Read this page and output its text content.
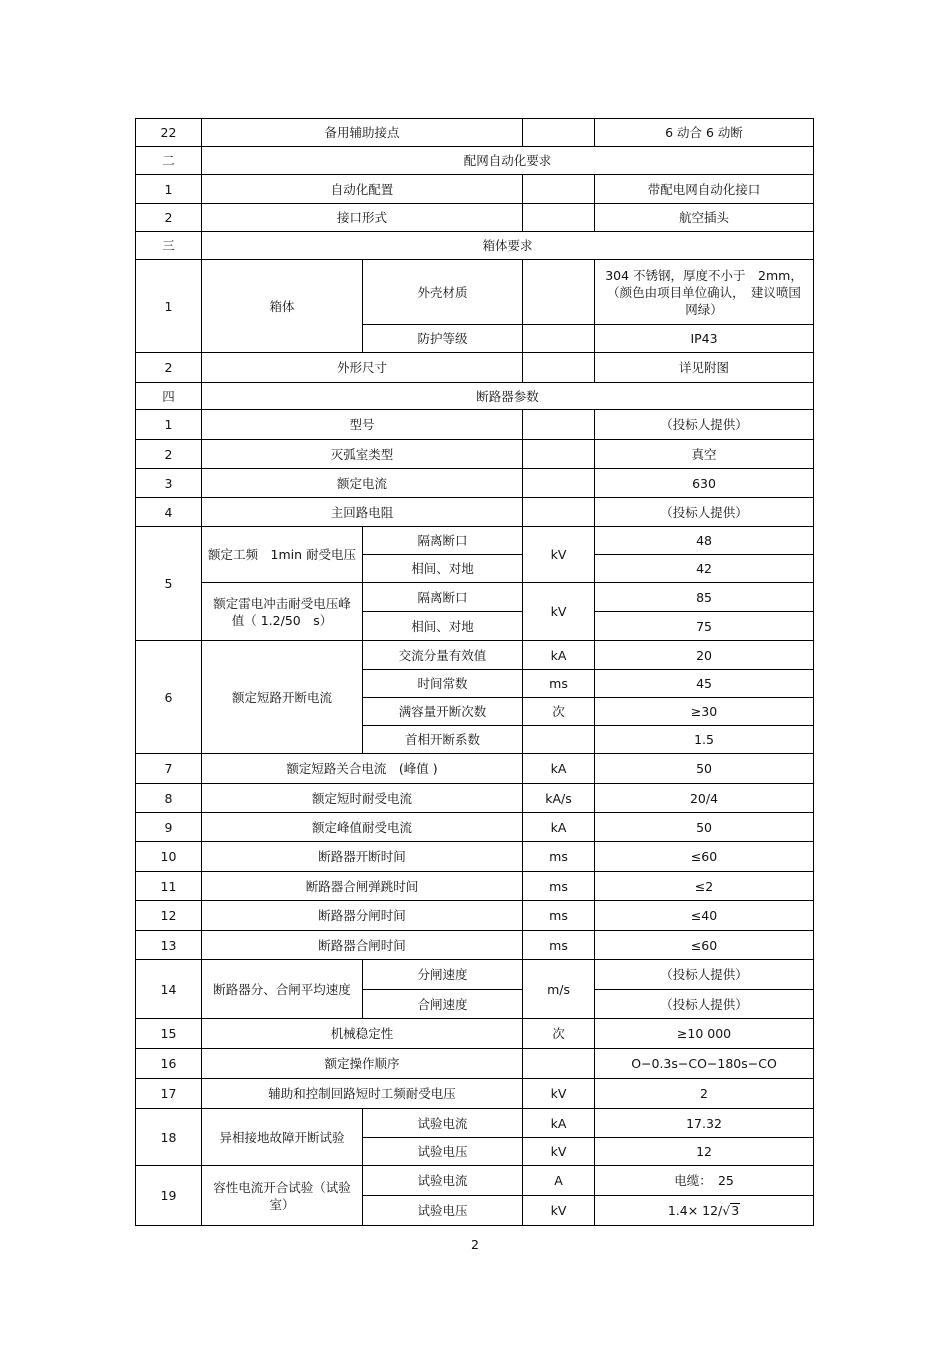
22	备用辅助接点			6 动合 6 动断
二	配网自动化要求			
1	自动化配置			带配电网自动化接口
2	接口形式			航空插头
三	箱体要求			
1	箱体	外壳材质		304 不锈钢，厚度不小于　2mm，（颜色由项目单位确认，　建议喷国网绿）
		防护等级		IP43
2	外形尺寸			详见附图
四	断路器参数			
1	型号			（投标人提供）
2	灭弧室类型			真空
3	额定电流			630
4	主回路电阻			（投标人提供）
5	额定工频　1min 耐受电压	隔离断口	kV	48
		相间、对地		42
	额定雷电冲击耐受电压峰值（ 1.2/50　s）	隔离断口	kV	85
		相间、对地		75
6	额定短路开断电流	交流分量有效值	kA	20
		时间常数	ms	45
		满容量开断次数	次	≥30
		首相开断系数		1.5
7	额定短路关合电流　(峰值 )		kA	50
8	额定短时耐受电流		kA/s	20/4
9	额定峰值耐受电流		kA	50
10	断路器开断时间		ms	≤60
11	断路器合闸弹跳时间		ms	≤2
12	断路器分闸时间		ms	≤40
13	断路器合闸时间		ms	≤60
14	断路器分、合闸平均速度	分闸速度	m/s	（投标人提供）
		合闸速度		（投标人提供）
15	机械稳定性		次	≥10 000
16	额定操作顺序			O−0.3s−CO−180s−CO
17	辅助和控制回路短时工频耐受电压		kV	2
18	异相接地故障开断试验	试验电流	kA	17.32
		试验电压	kV	12
19	容性电流开合试验（试验室）	试验电流	A	电缆：　25
		试验电压	kV	1.4× 12/√3
2
